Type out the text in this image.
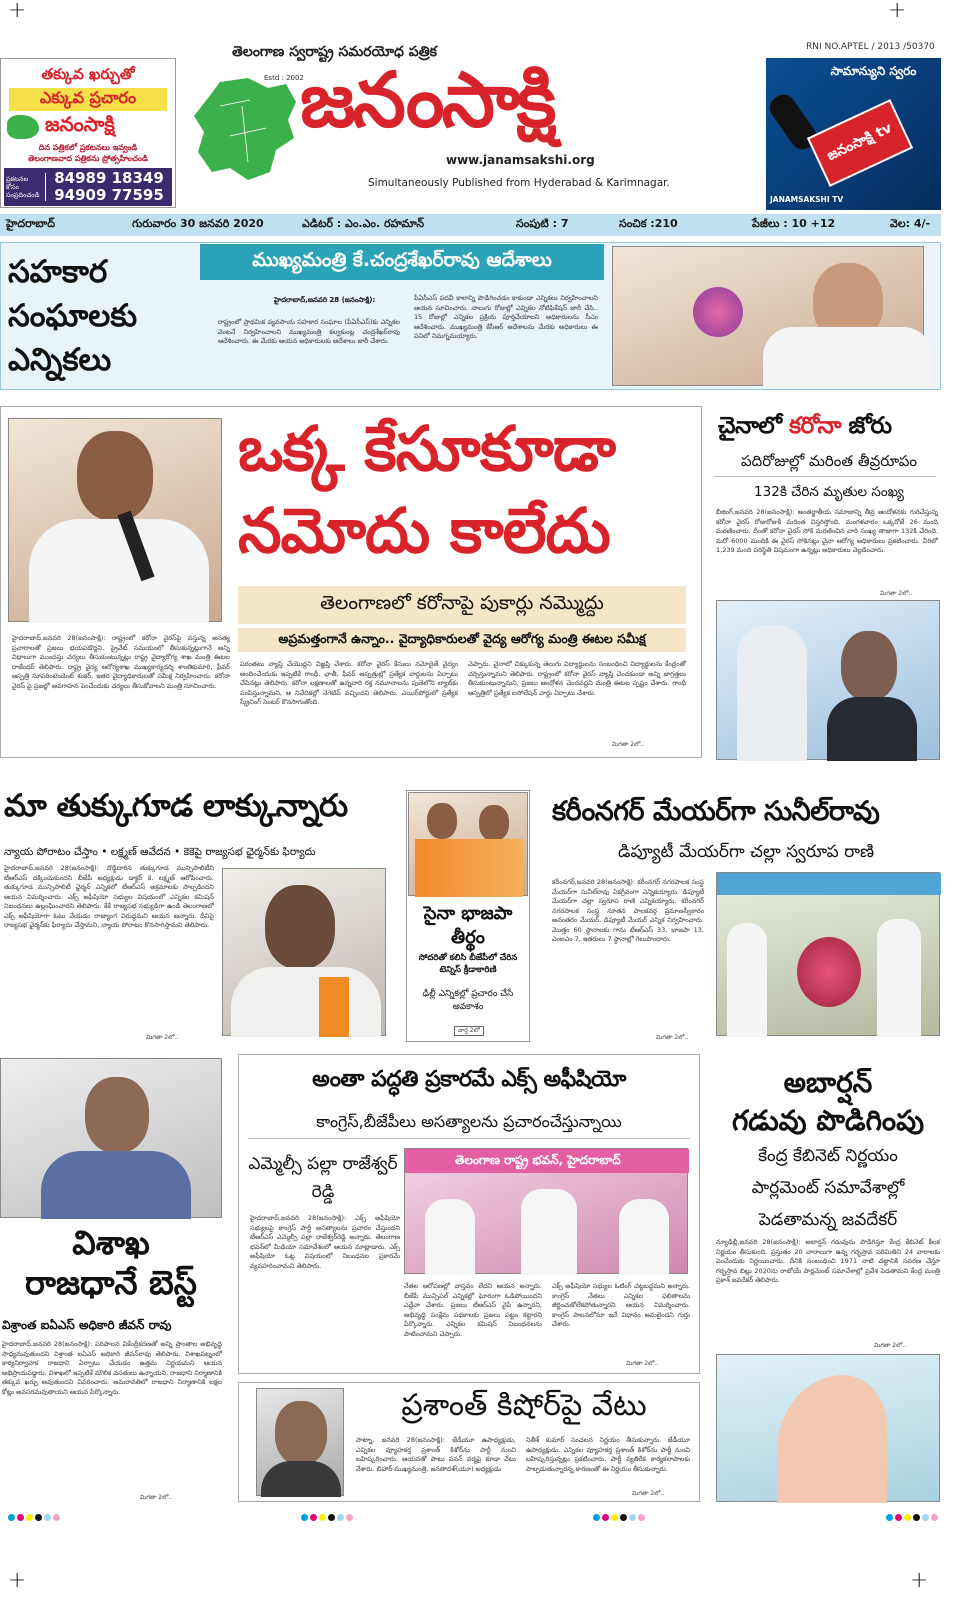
+	+
+	+
తక్కువ ఖర్చుతో
ఎక్కువ ప్రచారం
జనంసాక్షి
దిన పత్రికలో ప్రకటనలు ఇవ్వండి
తెలంగాణవాద పత్రికను ప్రోత్సహించండి
ప్రకటనల కోసం సంప్రదించండి
84989 18349
94909 77595
తెలంగాణ స్వరాష్ట్ర సమరయోధ పత్రిక
Estd : 2002
జనంసాక్షి
www.janamsakshi.org
Simultaneously Published from Hyderabad & Karimnagar.
RNI NO.APTEL / 2013 /50370
సామాన్యుని స్వరం
జనంసాక్షి tv
JANAMSAKSHI TV
హైదరాబాద్	గురువారం 30 జనవరి 2020	ఎడిటర్ : ఎం.ఎం. రహమాన్	సంపుటి : 7	సంచిక :210	పేజీలు : 10 +12	వెల: 4/-
సహకార సంఘాలకు ఎన్నికలు
ముఖ్యమంత్రి కే.చంద్రశేఖర్‌రావు ఆదేశాలు
హైదరాబాద్,జనవరి 28 (జనంసాక్షి):
రాష్ట్రంలో ప్రాథమిక వ్యవసాయ సహకార సంఘాల (పీఏసీఎస్‌)కు ఎన్నికల వెంటనే నిర్వహించాలని ముఖ్యమంత్రి కల్వకుంట్ల చంద్రశేఖర్‌రావు ఆదేశించారు. ఈ మేరకు ఆయన అధికారులకు ఆదేశాలు జారీ చేశారు.
పీఏసీఎస్‌ పదవీ కాలాన్ని పొడిగించడం కాకుండా ఎన్నికలు నిర్వహించాలని ఆయన సూచించారు. నాలుగు రోజుల్లో ఎన్నికల నోటిఫికేషన్‌ జారీ చేసి.. 15 రోజుల్లో ఎన్నికల ప్రక్రియ పూర్తిచేయాలని అధికారులను సీఎం ఆదేశించారు. ముఖ్యమంత్రి కేసీఆర్‌ ఆదేశాలను మేరకు అధికారులు ఈ పనిలో నిమగ్నమయ్యారు.
ఒక్క కేసూకూడా
నమోదు కాలేదు
తెలంగాణలో కరోనాపై పుకార్లు నమ్మొద్దు
అప్రమత్తంగానే ఉన్నాం.. వైద్యాధికారులతో వైద్య ఆరోగ్య మంత్రి ఈటల సమీక్ష
హైదరాబాద్,జనవరి 28(జనంసాక్షి): రాష్ట్రంలో కరోనా వైరస్‌పై వస్తున్న అసత్య ప్రచారాలతో ప్రజలు భయపడొద్దని, ప్రైవేట్‌ సమయంలో తీసుకున్నట్లుగానే అన్ని విధాలుగా ముందస్తు చర్యలు తీసుకుంటున్నట్లు రాష్ట్ర వైద్యారోగ్య శాఖ మంత్రి ఈటల రాజేందర్‌ తెలిపారు. రాష్ట్ర వైద్య ఆరోగ్యశాఖ ముఖ్యకార్యదర్శి శాంతికుమారి, ఫీవర్‌ ఆస్పత్రి సూపరింటెండెంట్‌ శంకర్‌, ఇతర వైద్యాధికారులతో సమీక్ష నిర్వహించారు. కరోనా వైరస్‌ పై ప్రజల్లో అవగాహన పెంచేందుకు చర్యలు తీసుకోవాలని మంత్రి సూచించారు.
పరంతటు వ్యాప్తి చేయొద్దని విజ్ఞప్తి చేశారు. కరోనా వైరస్‌ కేసులు నమోదైతే వైద్యం అందించేందుకు ఇప్పటికే గాంధీ, ఛాతీ, ఫీవర్‌ ఆస్పత్రుల్లో ప్రత్యేక వార్డులను ఏర్పాటు చేసినట్లు తెలిపారు. కరోనా లక్షణాలతో ఉన్నవారి రక్త నమూనాలను పుణెలోని ల్యాబ్‌కు పంపిస్తున్నామని, ఆ నివేదికల్లో నెగెటివ్‌ వచ్చిందని తెలిపారు. ఎయిర్‌పోర్టులో ప్రత్యేక స్క్రీనింగ్‌ సెంటర్‌ కొనసాగుతోంది.
చెప్పారు. చైనాలో చిక్కుకున్న తెలుగు విద్యార్థులను సంబంధించి విద్యార్థులను కేంద్రంతో చర్చిస్తున్నామని తెలిపారు. రాష్ట్రంలో కరోనా వైరస్‌ వ్యాప్తి చెందకుండా అన్ని జాగ్రత్తలు తీసుకుంటున్నామని, ప్రజలు ఆందోళన చెందవద్దని మంత్రి ఈటల స్పష్టం చేశారు. గాంధీ ఆస్పత్రిలో ప్రత్యేక ఐసోలేషన్‌ వార్డు ఏర్పాటు చేశారు.
మిగతా 2లో..
చైనాలో కరోనా జోరు
పదిరోజుల్లో మరింత తీవ్రరూపం
132కి చేరిన మృతుల సంఖ్య
బీజింగ్‌,జనవరి 28(జనంసాక్షి): అంతర్జాతీయ సమాజాన్ని తీవ్ర ఆందోళనకు గురిచేస్తున్న కరోనా వైరస్‌ రోజురోజుకీ మరింత విస్తరిస్తోంది. మంగళవారం ఒక్కరోజే 26 మంది మరణించారు. దీంతో కరోనా వైరస్‌ సోకి మరణించిన వారి సంఖ్య తాజాగా 132కి చేరింది. మరో 6000 మందికి ఈ వైరస్‌ సోకినట్లు చైనా ఆరోగ్య అధికారులు ప్రకటించారు. వీరిలో 1,239 మంది పరిస్థితి విషమంగా ఉన్నట్లు అధికారులు వెల్లడించారు.
మిగతా 2లో..
మా తుక్కుగూడ లాక్కున్నారు
న్యాయ పోరాటం చేస్తాం • లక్ష్మణ్‌ ఆవేదన • కెకెపై రాజ్యసభ ఛైర్మన్‌కు ఫిర్యాదు
హైదరాబాద్‌,జనవరి 28(జనంసాక్షి): దొడ్డిదారిన తుక్కుగూడ మున్సిపాలిటీని టీఆర్‌ఎస్‌ దక్కించుకుందని బీజేపీ అధ్యక్షుడు డాక్టర్‌ కె. లక్ష్మణ్‌ ఆరోపించారు. తుక్కుగూడ మున్సిపాలిటీ ఛైర్మన్‌ ఎన్నికలో టీఆర్‌ఎస్‌ అక్రమాలకు పాల్పడిందని ఆయన విమర్శించారు. ఎక్స్‌ అఫీషియో సభ్యుల విషయంలో ఎన్నికల కమిషన్‌ నిబంధనలు ఉల్లంఘించారని తెలిపారు. కేకే రాజ్యసభ సభ్యుడిగా ఉండి తెలంగాణలో ఎక్స్‌ అఫీషియోగా ఓటు వేయడం రాజ్యాంగ విరుద్ధమని ఆయన అన్నారు. దీనిపై రాజ్యసభ ఛైర్మన్‌కు ఫిర్యాదు చేస్తామని, న్యాయ పోరాటం కొనసాగిస్తామని తెలిపారు.
మిగతా 2లో..
సైనా భాజపా తీర్థం
సోదరితో కలిసి బీజేపీలో చేరిన టెన్నిస్‌ క్రీడాకారిణి
ఢిల్లీ ఎన్నికల్లో ప్రచారం చేసే అవకాశం
వార్త 2లో
కరీంనగర్ మేయర్‌గా సునీల్‌రావు
డిప్యూటీ మేయర్‌గా చల్లా స్వరూప రాణి
కరీంనగర్‌,జనవరి 28(జనంసాక్షి): కరీంనగర్‌ నగరపాలక సంస్థ మేయర్‌గా సునీల్‌రావు ఏకగ్రీవంగా ఎన్నికయ్యారు. డిప్యూటీ మేయర్‌గా చల్లా స్వరూప రాణి ఎన్నికయ్యారు. కరీంనగర్‌ నగరపాలక సంస్థ నూతన పాలకవర్గ ప్రమాణస్వీకారం అనంతరం మేయర్‌, డిప్యూటీ మేయర్‌ ఎన్నిక నిర్వహించారు. మొత్తం 60 స్థానాలకు గాను టీఆర్‌ఎస్‌ 33, భాజపా 13, ఎంఐఎం 7, ఇతరులు 7 స్థానాల్లో గెలుపొందారు.
మిగతా 2లో..
విశాఖ
రాజధానే బెస్ట్
విశ్రాంత ఐఏఎస్ అధికారి జీవన్ రావు
హైదరాబాద్‌,జనవరి 28(జనంసాక్షి): పరిపాలన వికేంద్రీకరణతో అన్ని ప్రాంతాల అభివృద్ధి సాధ్యమవుతుందని విశ్రాంత ఐఏఎస్‌ అధికారి జీవన్‌రావు తెలిపారు. విశాఖపట్నంలో కార్యనిర్వాహక రాజధాని ఏర్పాటు చేయడం ఉత్తమ నిర్ణయమని ఆయన అభిప్రాయపడ్డారు. విశాఖలో ఇప్పటికే మౌలిక వసతులు ఉన్నాయని, రాజధాని నిర్మాణానికి తక్కువ ఖర్చు అవుతుందని వివరించారు. అమరావతిలో రాజధాని నిర్మాణానికి లక్షల కోట్లు అవసరమవుతాయని ఆయన పేర్కొన్నారు.
మిగతా 2లో..
అంతా పద్ధతి ప్రకారమే ఎక్స్ అఫీషియో
కాంగ్రెస్,బీజేపీలు అసత్యాలను ప్రచారంచేస్తున్నాయి
ఎమ్మెల్సీ పల్లా రాజేశ్వర్ రెడ్డి
తెలంగాణ రాష్ట్ర భవన్, హైదరాబాద్
హైదరాబాద్‌,జనవరి 28(జనంసాక్షి): ఎక్స్‌ అఫీషియో సభ్యులపై కాంగ్రెస్‌ పార్టీ అసత్యాలను ప్రచారం చేస్తుందని టీఆర్‌ఎస్‌ ఎమ్మెల్సీ పల్లా రాజేశ్వర్‌రెడ్డి అన్నారు. తెలంగాణ భవన్‌లో మీడియా సమావేశంలో ఆయన మాట్లాడారు. ఎక్స్‌ అఫీషియో ఓట్ల విషయంలో నిబంధనల ప్రకారమే వ్యవహరించామని తెలిపారు.
నేతల ఆరోపణల్లో వాస్తవం లేదని ఆయన అన్నారు. బీజేపీ మున్సిపల్‌ ఎన్నికల్లో ఘోరంగా ఓడిపోయిందని ఎద్దేవా చేశారు. ప్రజలు టీఆర్‌ఎస్‌ వైపే ఉన్నారని, అభివృద్ధి సంక్షేమ పథకాలకు ప్రజలు పట్టం కట్టారని పేర్కొన్నారు. ఎన్నికల కమిషన్‌ నిబంధనలను పాటించామని చెప్పారు.
ఎక్స్‌ అఫీషియో సభ్యుల ఓటింగ్‌ చట్టబద్ధమని అన్నారు. కాంగ్రెస్‌ నేతలు ఎన్నికల ఫలితాలను జీర్ణించుకోలేకపోతున్నారని ఆయన విమర్శించారు. కాంగ్రెస్‌ పాలనలోనూ ఇదే విధానం అమలైందని గుర్తు చేశారు.
మిగతా 2లో..
అబార్షన్
గడువు పొడిగింపు
కేంద్ర కేబినెట్ నిర్ణయం
పార్లమెంట్ సమావేశాల్లో
పెడతామన్న జవదేకర్
న్యూఢిల్లీ,జనవరి 28(జనంసాక్షి): అబార్షన్‌ గడువును పొడిగిస్తూ కేంద్ర కేబినెట్‌ కీలక నిర్ణయం తీసుకుంది. ప్రస్తుతం 20 వారాలుగా ఉన్న గర్భస్రావ పరిమితిని 24 వారాలకు పెంచేందుకు నిర్ణయించారు. దీనికి సంబంధించి 1971 నాటి చట్టానికి సవరణ చేస్తూ గర్భస్రావ బిల్లు 2020ను రాబోయే పార్లమెంట్‌ సమావేశాల్లో ప్రవేశ పెడతామని కేంద్ర మంత్రి ప్రకాశ్‌ జవదేకర్‌ తెలిపారు.
మిగతా 2లో..
ప్రశాంత్ కిషోర్‌పై వేటు
పాట్నా, జనవరి 28(జనంసాక్షి): జేడీయూ ఉపాధ్యక్షుడు, ఎన్నికల వ్యూహకర్త ప్రశాంత్‌ కిశోర్‌ను పార్టీ నుంచి బహిష్కరించారు. ఆయనతో పాటు పవన్‌ వర్మపై కూడా వేటు వేశారు. బిహార్‌ ముఖ్యమంత్రి, జనతాదళ్‌(యూ) అధ్యక్షుడు
నితీశ్‌ కుమార్‌ సంచలన నిర్ణయం తీసుకున్నారు. జేడీయూ ఉపాధ్యక్షుడు, ఎన్నికల వ్యూహకర్త ప్రశాంత్‌ కిశోర్‌ను పార్టీ నుంచి బహిష్కరిస్తున్నట్లు ప్రకటించారు. పార్టీ వ్యతిరేక కార్యకలాపాలకు పాల్పడుతున్నారన్న కారణంతో ఈ నిర్ణయం తీసుకున్నారు.
మిగతా 2లో..
